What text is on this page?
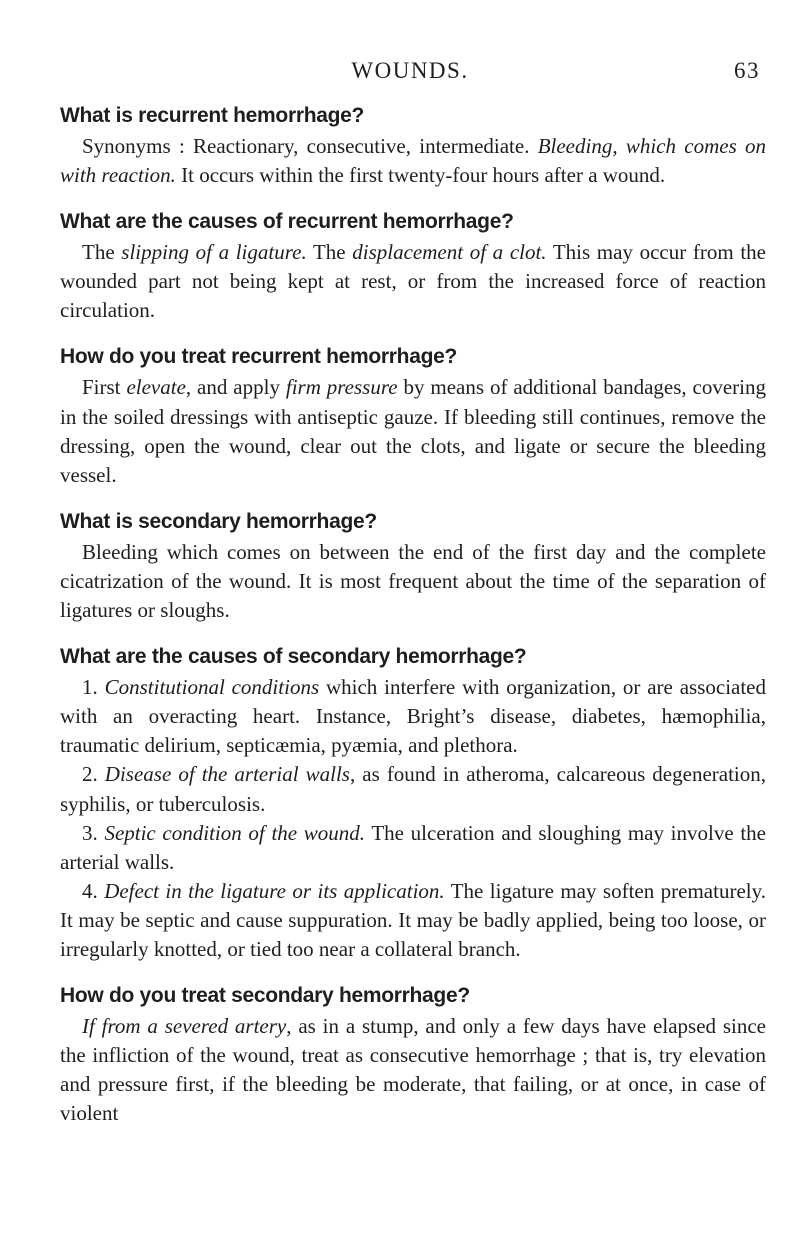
WOUNDS.	63
What is recurrent hemorrhage?

Synonyms : Reactionary, consecutive, intermediate. Bleeding, which comes on with reaction. It occurs within the first twenty-four hours after a wound.

What are the causes of recurrent hemorrhage?

The slipping of a ligature. The displacement of a clot. This may occur from the wounded part not being kept at rest, or from the increased force of reaction circulation.

How do you treat recurrent hemorrhage?

First elevate, and apply firm pressure by means of additional bandages, covering in the soiled dressings with antiseptic gauze. If bleeding still continues, remove the dressing, open the wound, clear out the clots, and ligate or secure the bleeding vessel.

What is secondary hemorrhage?

Bleeding which comes on between the end of the first day and the complete cicatrization of the wound. It is most frequent about the time of the separation of ligatures or sloughs.

What are the causes of secondary hemorrhage?

1. Constitutional conditions which interfere with organization, or are associated with an overacting heart. Instance, Bright’s disease, diabetes, hæmophilia, traumatic delirium, septicæmia, pyæmia, and plethora.

2. Disease of the arterial walls, as found in atheroma, calcareous degeneration, syphilis, or tuberculosis.

3. Septic condition of the wound. The ulceration and sloughing may involve the arterial walls.

4. Defect in the ligature or its application. The ligature may soften prematurely. It may be septic and cause suppuration. It may be badly applied, being too loose, or irregularly knotted, or tied too near a collateral branch.

How do you treat secondary hemorrhage?

If from a severed artery, as in a stump, and only a few days have elapsed since the infliction of the wound, treat as consecutive hemorrhage ; that is, try elevation and pressure first, if the bleeding be moderate, that failing, or at once, in case of violent
